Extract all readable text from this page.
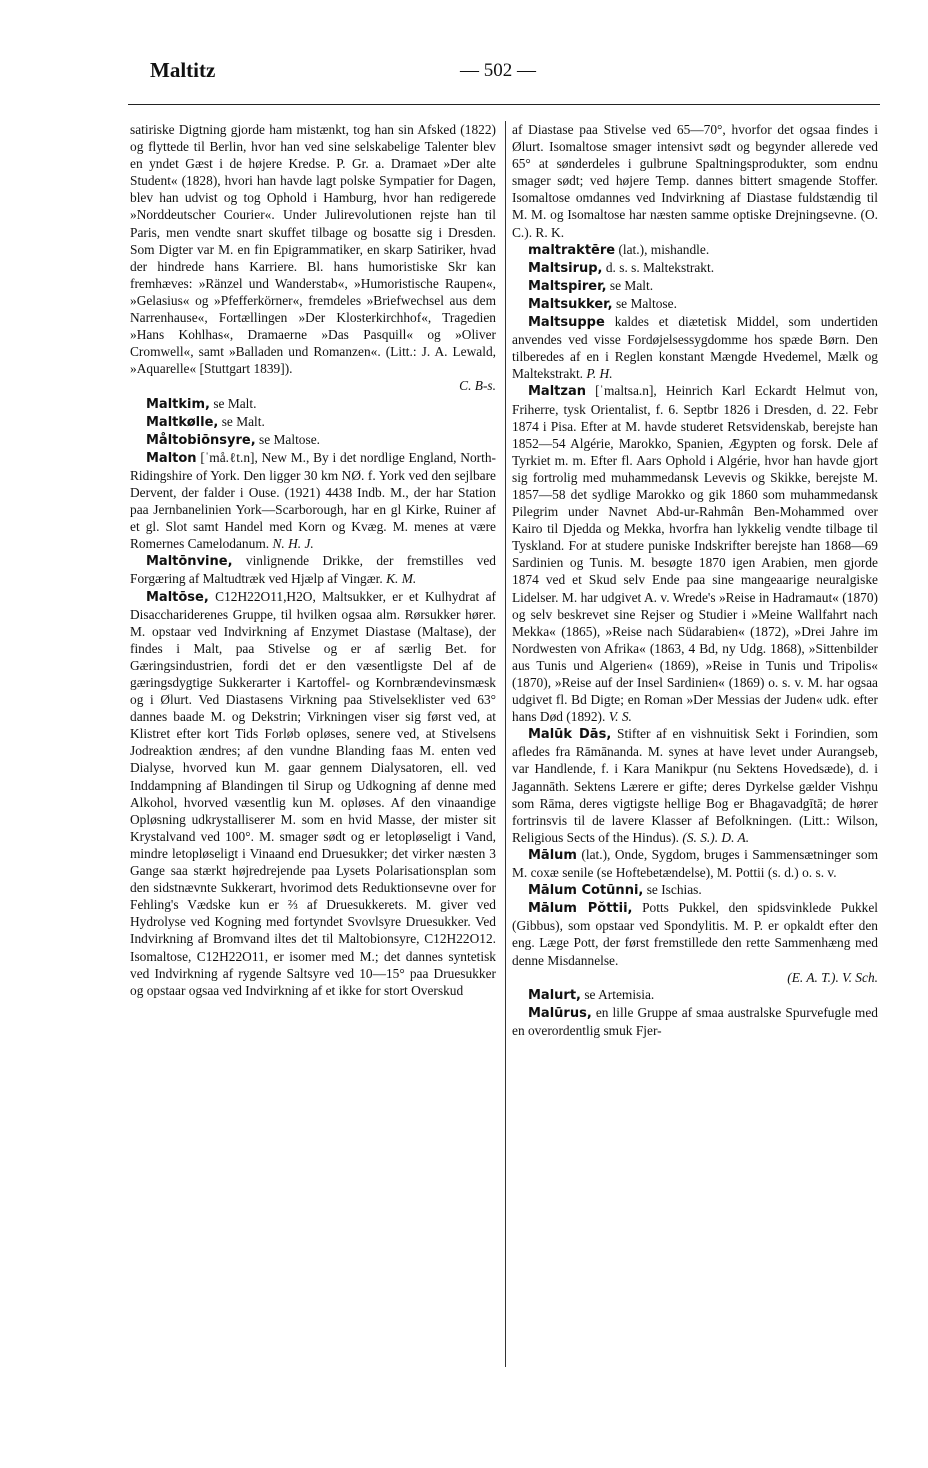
Maltitz	— 502 —

satiriske Digtning gjorde ham mistænkt, tog han sin Afsked (1822) og flyttede til Berlin, hvor han ved sine selskabelige Talenter blev en yndet Gæst i de højere Kredse. P. Gr. a. Dramaet »Der alte Student« (1828), hvori han havde lagt polske Sympatier for Dagen, blev han udvist og tog Ophold i Hamburg, hvor han redigerede »Norddeutscher Courier«. Under Julirevolutionen rejste han til Paris, men vendte snart skuffet tilbage og bosatte sig i Dresden. Som Digter var M. en fin Epigrammatiker, en skarp Satiriker, hvad der hindrede hans Karriere. Bl. hans humoristiske Skr kan fremhæves: »Ränzel und Wanderstab«, »Humoristische Raupen«, »Gelasius« og »Pfefferkörner«, fremdeles »Briefwechsel aus dem Narrenhause«, Fortællingen »Der Klosterkirchhof«, Tragedien »Hans Kohlhas«, Dramaerne »Das Pasquill« og »Oliver Cromwell«, samt »Balladen und Romanzen«. (Litt.: J. A. Lewald, »Aquarelle« [Stuttgart 1839]).
C. B-s.

Maltkim, se Malt.

Maltkølle, se Malt.

Måltobiōnsyre, se Maltose.

Malton [ˈmå.ℓt.n], New M., By i det nordlige England, North-Ridingshire of York. Den ligger 30 km NØ. f. York ved den sejlbare Dervent, der falder i Ouse. (1921) 4438 Indb. M., der har Station paa Jernbanelinien York—Scarborough, har en gl Kirke, Ruiner af et gl. Slot samt Handel med Korn og Kvæg. M. menes at være Romernes Camelodanum. N. H. J.

Maltōnvine, vinlignende Drikke, der fremstilles ved Forgæring af Maltudtræk ved Hjælp af Vingær. K. M.

Maltōse, C12H22O11,H2O, Maltsukker, er et Kulhydrat af Disacchariderenes Gruppe, til hvilken ogsaa alm. Rørsukker hører. M. opstaar ved Indvirkning af Enzymet Diastase (Maltase), der findes i Malt, paa Stivelse og er af særlig Bet. for Gæringsindustrien, fordi det er den væsentligste Del af de gæringsdygtige Sukkerarter i Kartoffel- og Kornbrændevinsmæsk og i Ølurt. Ved Diastasens Virkning paa Stivelseklister ved 63° dannes baade M. og Dekstrin; Virkningen viser sig først ved, at Klistret efter kort Tids Forløb opløses, senere ved, at Stivelsens Jodreaktion ændres; af den vundne Blanding faas M. enten ved Dialyse, hvorved kun M. gaar gennem Dialysatoren, ell. ved Inddampning af Blandingen til Sirup og Udkogning af denne med Alkohol, hvorved væsentlig kun M. opløses. Af den vinaandige Opløsning udkrystalliserer M. som en hvid Masse, der mister sit Krystalvand ved 100°. M. smager sødt og er letopløseligt i Vand, mindre letopløseligt i Vinaand end Druesukker; det virker næsten 3 Gange saa stærkt højredrejende paa Lysets Polarisationsplan som den sidstnævnte Sukkerart, hvorimod dets Reduktionsevne over for Fehling's Vædske kun er ⅔ af Druesukkerets. M. giver ved Hydrolyse ved Kogning med fortyndet Svovlsyre Druesukker. Ved Indvirkning af Bromvand iltes det til Maltobionsyre, C12H22O12. Isomaltose, C12H22O11, er isomer med M.; det dannes syntetisk ved Indvirkning af rygende Saltsyre ved 10—15° paa Druesukker og opstaar ogsaa ved Indvirkning af et ikke for stort Overskud

af Diastase paa Stivelse ved 65—70°, hvorfor det ogsaa findes i Ølurt. Isomaltose smager intensivt sødt og begynder allerede ved 65° at sønderdeles i gulbrune Spaltningsprodukter, som endnu smager sødt; ved højere Temp. dannes bittert smagende Stoffer. Isomaltose omdannes ved Indvirkning af Diastase fuldstændig til M. M. og Isomaltose har næsten samme optiske Drejningsevne. (O. C.). R. K.

maltraktēre (lat.), mishandle.

Maltsirup, d. s. s. Maltekstrakt.

Maltspirer, se Malt.

Maltsukker, se Maltose.

Maltsuppe kaldes et diætetisk Middel, som undertiden anvendes ved visse Fordøjelsessygdomme hos spæde Børn. Den tilberedes af en i Reglen konstant Mængde Hvedemel, Mælk og Maltekstrakt. P. H.

Maltzan [ˈmaltsa.n], Heinrich Karl Eckardt Helmut von, Friherre, tysk Orientalist, f. 6. Septbr 1826 i Dresden, d. 22. Febr 1874 i Pisa. Efter at M. havde studeret Retsvidenskab, berejste han 1852—54 Algérie, Marokko, Spanien, Ægypten og forsk. Dele af Tyrkiet m. m. Efter fl. Aars Ophold i Algérie, hvor han havde gjort sig fortrolig med muhammedansk Levevis og Skikke, berejste M. 1857—58 det sydlige Marokko og gik 1860 som muhammedansk Pilegrim under Navnet Abd-ur-Rahmân Ben-Mohammed over Kairo til Djedda og Mekka, hvorfra han lykkelig vendte tilbage til Tyskland. For at studere puniske Indskrifter berejste han 1868—69 Sardinien og Tunis. M. besøgte 1870 igen Arabien, men gjorde 1874 ved et Skud selv Ende paa sine mangeaarige neuralgiske Lidelser. M. har udgivet A. v. Wrede's »Reise in Hadramaut« (1870) og selv beskrevet sine Rejser og Studier i »Meine Wallfahrt nach Mekka« (1865), »Reise nach Südarabien« (1872), »Drei Jahre im Nordwesten von Afrika« (1863, 4 Bd, ny Udg. 1868), »Sittenbilder aus Tunis und Algerien« (1869), »Reise in Tunis und Tripolis« (1870), »Reise auf der Insel Sardinien« (1869) o. s. v. M. har ogsaa udgivet fl. Bd Digte; en Roman »Der Messias der Juden« udk. efter hans Død (1892). V. S.

Malūk Dās, Stifter af en vishnuitisk Sekt i Forindien, som afledes fra Rāmānanda. M. synes at have levet under Aurangseb, var Handlende, f. i Kara Manikpur (nu Sektens Hovedsæde), d. i Jagannāth. Sektens Lærere er gifte; deres Dyrkelse gælder Vishņu som Rāma, deres vigtigste hellige Bog er Bhagavadgītā; de hører fortrinsvis til de lavere Klasser af Befolkningen. (Litt.: Wilson, Religious Sects of the Hindus). (S. S.). D. A.

Mālum (lat.), Onde, Sygdom, bruges i Sammensætninger som M. coxæ senile (se Hoftebetændelse), M. Pottii (s. d.) o. s. v.

Mālum Cotūnni, se Ischias.

Mālum Pŏttii, Potts Pukkel, den spidsvinklede Pukkel (Gibbus), som opstaar ved Spondylitis. M. P. er opkaldt efter den eng. Læge Pott, der først fremstillede den rette Sammenhæng med denne Misdannelse.
(E. A. T.). V. Sch.

Malurt, se Artemisia.

Malūrus, en lille Gruppe af smaa australske Spurvefugle med en overordentlig smuk Fjer-
